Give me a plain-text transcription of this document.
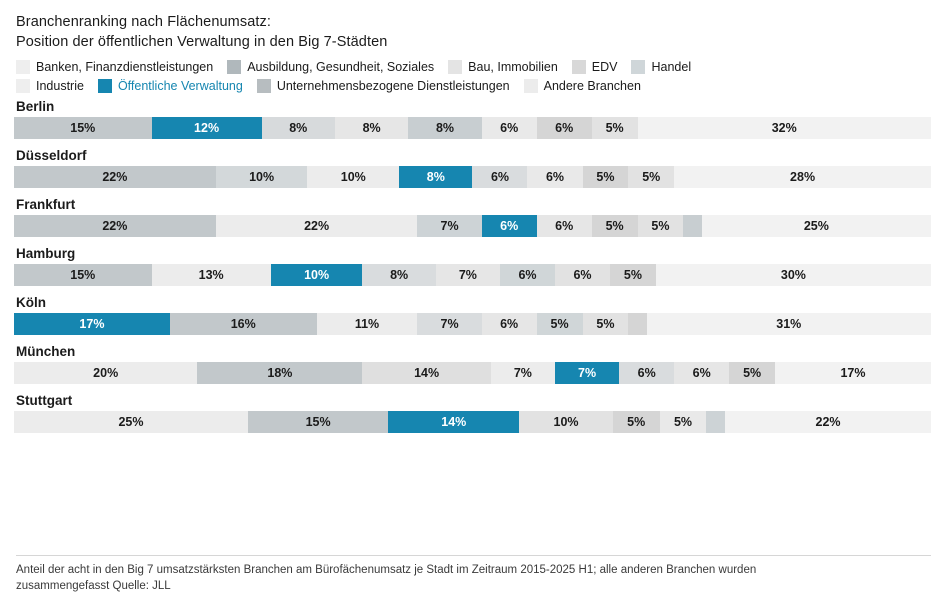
Branchenranking nach Flächenumsatz:
Position der öffentlichen Verwaltung in den Big 7-Städten
Banken, Finanzdienstleistungen	Ausbildung, Gesundheit, Soziales	Bau, Immobilien	EDV	Handel
Industrie	Öffentliche Verwaltung	Unternehmensbezogene Dienstleistungen	Andere Branchen
Berlin
15%	12%	8%	8%	8%	6%	6%	5%	32%
Düsseldorf
22%	10%	10%	8%	6%	6%	5%	5%	28%
Frankfurt
22%	22%	7%	6%	6%	5%	5%	25%
Hamburg
15%	13%	10%	8%	7%	6%	6%	5%	30%
Köln
17%	16%	11%	7%	6%	5%	5%	31%
München
20%	18%	14%	7%	7%	6%	6%	5%	17%
Stuttgart
25%	15%	14%	10%	5%	5%	22%
Anteil der acht in den Big 7 umsatzstärksten Branchen am Bürofächenumsatz je Stadt im Zeitraum 2015-2025 H1; alle anderen Branchen wurden
zusammengefasst Quelle: JLL
